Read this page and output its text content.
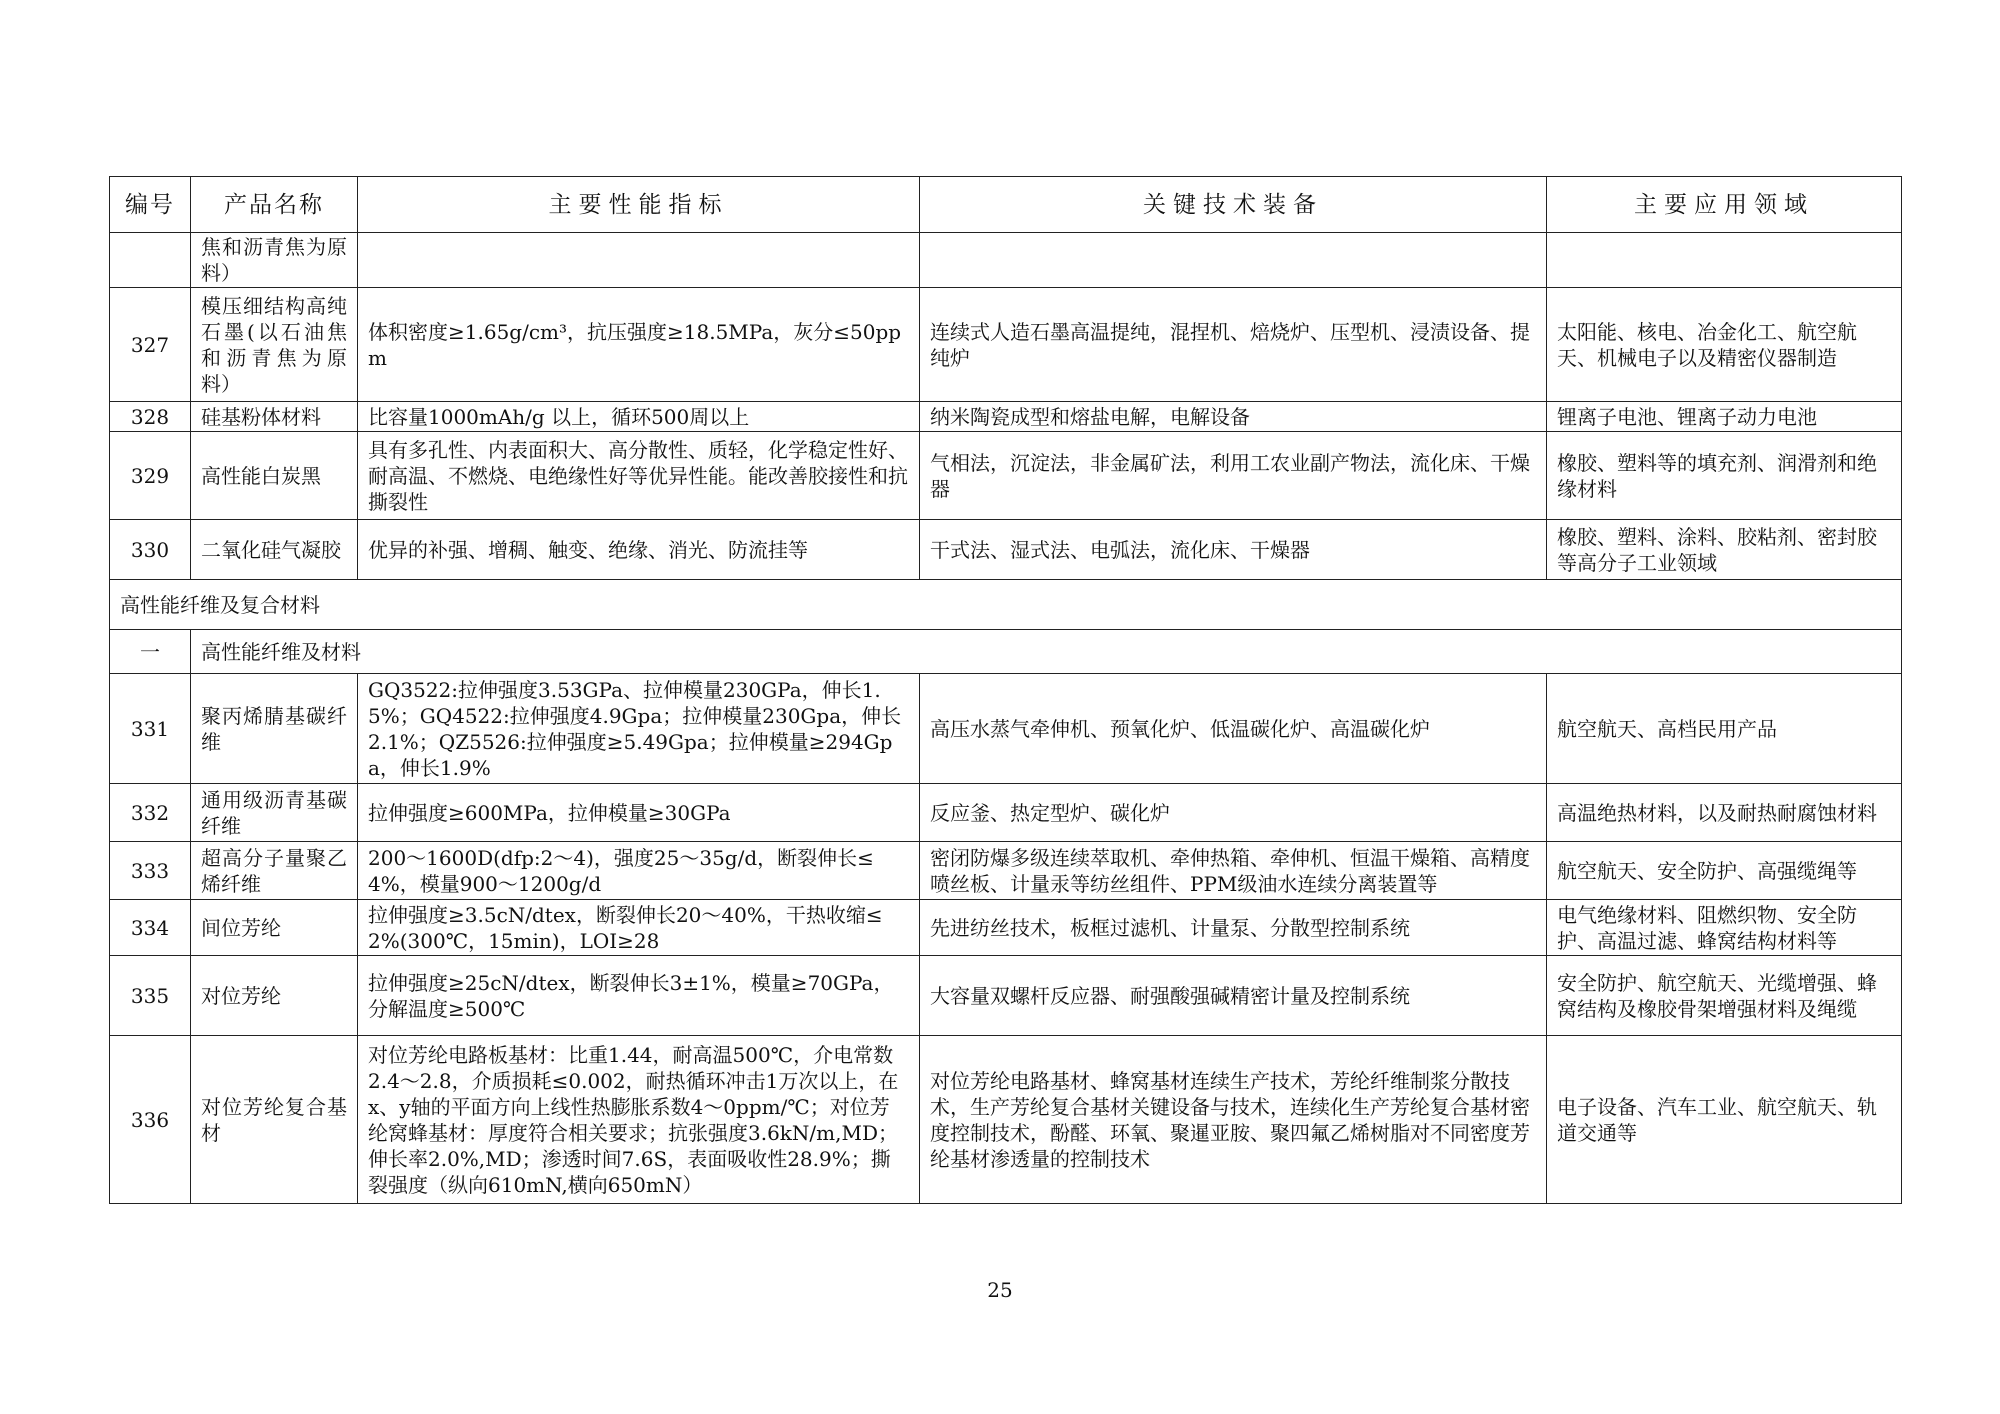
编号	产品名称	主要性能指标	关键技术装备	主要应用领域
	焦和沥青焦为原料）			
327	模压细结构高纯石墨(以石油焦和沥青焦为原料）	体积密度≥1.65g/cm³，抗压强度≥18.5MPa，灰分≤50ppm	连续式人造石墨高温提纯，混捏机、焙烧炉、压型机、浸渍设备、提纯炉	太阳能、核电、冶金化工、航空航天、机械电子以及精密仪器制造
328	硅基粉体材料	比容量1000mAh/g 以上，循环500周以上	纳米陶瓷成型和熔盐电解，电解设备	锂离子电池、锂离子动力电池
329	高性能白炭黑	具有多孔性、内表面积大、高分散性、质轻，化学稳定性好、耐高温、不燃烧、电绝缘性好等优异性能。能改善胶接性和抗撕裂性	气相法，沉淀法，非金属矿法，利用工农业副产物法，流化床、干燥器	橡胶、塑料等的填充剂、润滑剂和绝缘材料
330	二氧化硅气凝胶	优异的补强、增稠、触变、绝缘、消光、防流挂等	干式法、湿式法、电弧法，流化床、干燥器	橡胶、塑料、涂料、胶粘剂、密封胶等高分子工业领域
高性能纤维及复合材料				
一	高性能纤维及材料			
331	聚丙烯腈基碳纤维	GQ3522:拉伸强度3.53GPa、拉伸模量230GPa，伸长1.5%；GQ4522:拉伸强度4.9Gpa；拉伸模量230Gpa，伸长2.1%；QZ5526:拉伸强度≥5.49Gpa；拉伸模量≥294Gpa，伸长1.9%	高压水蒸气牵伸机、预氧化炉、低温碳化炉、高温碳化炉	航空航天、高档民用产品
332	通用级沥青基碳纤维	拉伸强度≥600MPa，拉伸模量≥30GPa	反应釜、热定型炉、碳化炉	高温绝热材料，以及耐热耐腐蚀材料
333	超高分子量聚乙烯纤维	200～1600D(dfp:2～4)，强度25～35g/d，断裂伸长≤4%，模量900～1200g/d	密闭防爆多级连续萃取机、牵伸热箱、牵伸机、恒温干燥箱、高精度喷丝板、计量汞等纺丝组件、PPM级油水连续分离装置等	航空航天、安全防护、高强缆绳等
334	间位芳纶	拉伸强度≥3.5cN/dtex，断裂伸长20～40%，干热收缩≤2%(300℃，15min)，LOI≥28	先进纺丝技术，板框过滤机、计量泵、分散型控制系统	电气绝缘材料、阻燃织物、安全防护、高温过滤、蜂窝结构材料等
335	对位芳纶	拉伸强度≥25cN/dtex，断裂伸长3±1%，模量≥70GPa，分解温度≥500℃	大容量双螺杆反应器、耐强酸强碱精密计量及控制系统	安全防护、航空航天、光缆增强、蜂窝结构及橡胶骨架增强材料及绳缆
336	对位芳纶复合基材	对位芳纶电路板基材：比重1.44，耐高温500℃，介电常数2.4～2.8，介质损耗≤0.002，耐热循环冲击1万次以上，在x、y轴的平面方向上线性热膨胀系数4～0ppm/℃；对位芳纶窝蜂基材：厚度符合相关要求；抗张强度3.6kN/m,MD；伸长率2.0%,MD；渗透时间7.6S，表面吸收性28.9%；撕裂强度（纵向610mN,横向650mN）	对位芳纶电路基材、蜂窝基材连续生产技术，芳纶纤维制浆分散技术，生产芳纶复合基材关键设备与技术，连续化生产芳纶复合基材密度控制技术，酚醛、环氧、聚暹亚胺、聚四氟乙烯树脂对不同密度芳纶基材渗透量的控制技术	电子设备、汽车工业、航空航天、轨道交通等
25
